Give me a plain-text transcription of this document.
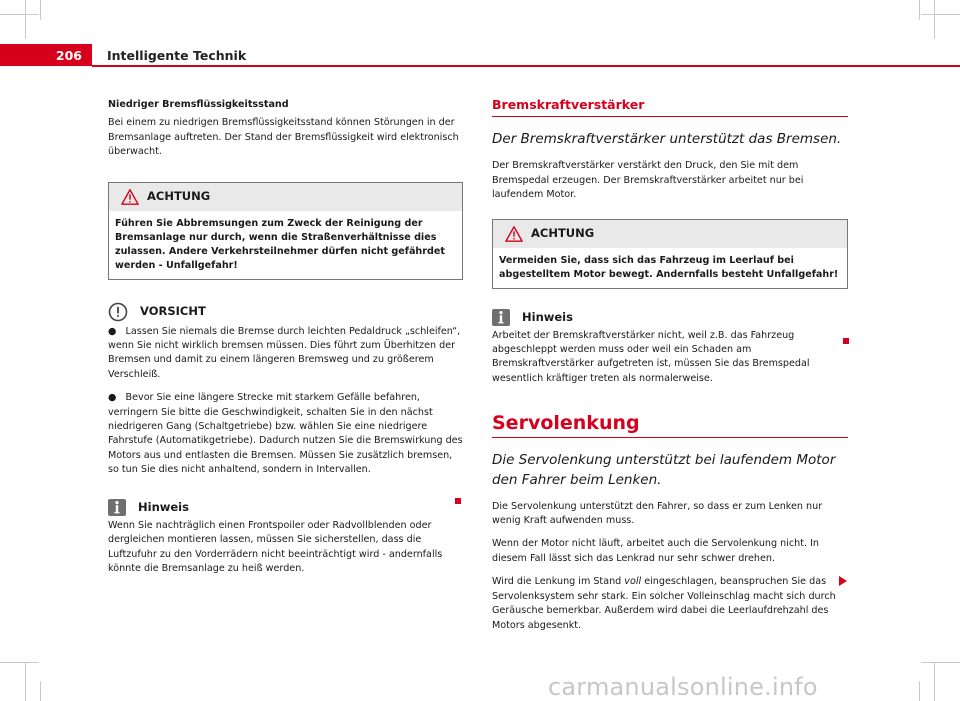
206	Intelligente Technik

Niedriger Bremsflüssigkeitsstand

Bei einem zu niedrigen Bremsflüssigkeitsstand können Störungen in der Bremsanlage auftreten. Der Stand der Bremsflüssigkeit wird elektronisch überwacht.

ACHTUNG
Führen Sie Abbremsungen zum Zweck der Reinigung der Bremsanlage nur durch, wenn die Straßenverhältnisse dies zulassen. Andere Verkehrsteilnehmer dürfen nicht gefährdet werden - Unfallgefahr!
VORSICHT

● Lassen Sie niemals die Bremse durch leichten Pedaldruck „schleifen“, wenn Sie nicht wirklich bremsen müssen. Dies führt zum Überhitzen der Bremsen und damit zu einem längeren Bremsweg und zu größerem Verschleiß.

● Bevor Sie eine längere Strecke mit starkem Gefälle befahren, verringern Sie bitte die Geschwindigkeit, schalten Sie in den nächst niedrigeren Gang (Schaltgetriebe) bzw. wählen Sie eine niedrigere Fahrstufe (Automatikgetriebe). Dadurch nutzen Sie die Bremswirkung des Motors aus und entlasten die Bremsen. Müssen Sie zusätzlich bremsen, so tun Sie dies nicht anhaltend, sondern in Intervallen.

Hinweis

Wenn Sie nachträglich einen Frontspoiler oder Radvollblenden oder dergleichen montieren lassen, müssen Sie sicherstellen, dass die Luftzufuhr zu den Vorderrädern nicht beeinträchtigt wird - andernfalls könnte die Bremsanlage zu heiß werden.

Bremskraftverstärker

Der Bremskraftverstärker unterstützt das Bremsen.

Der Bremskraftverstärker verstärkt den Druck, den Sie mit dem Bremspedal erzeugen. Der Bremskraftverstärker arbeitet nur bei laufendem Motor.

ACHTUNG
Vermeiden Sie, dass sich das Fahrzeug im Leerlauf bei abgestelltem Motor bewegt. Andernfalls besteht Unfallgefahr!
Hinweis

Arbeitet der Bremskraftverstärker nicht, weil z.B. das Fahrzeug abgeschleppt werden muss oder weil ein Schaden am Bremskraftverstärker aufgetreten ist, müssen Sie das Bremspedal wesentlich kräftiger treten als normalerweise.

Servolenkung

Die Servolenkung unterstützt bei laufendem Motor den Fahrer beim Lenken.

Die Servolenkung unterstützt den Fahrer, so dass er zum Lenken nur wenig Kraft aufwenden muss.

Wenn der Motor nicht läuft, arbeitet auch die Servolenkung nicht. In diesem Fall lässt sich das Lenkrad nur sehr schwer drehen.

Wird die Lenkung im Stand voll eingeschlagen, beanspruchen Sie das Servolenksystem sehr stark. Ein solcher Volleinschlag macht sich durch Geräusche bemerkbar. Außerdem wird dabei die Leerlaufdrehzahl des Motors abgesenkt.

carmanualsonline.info
